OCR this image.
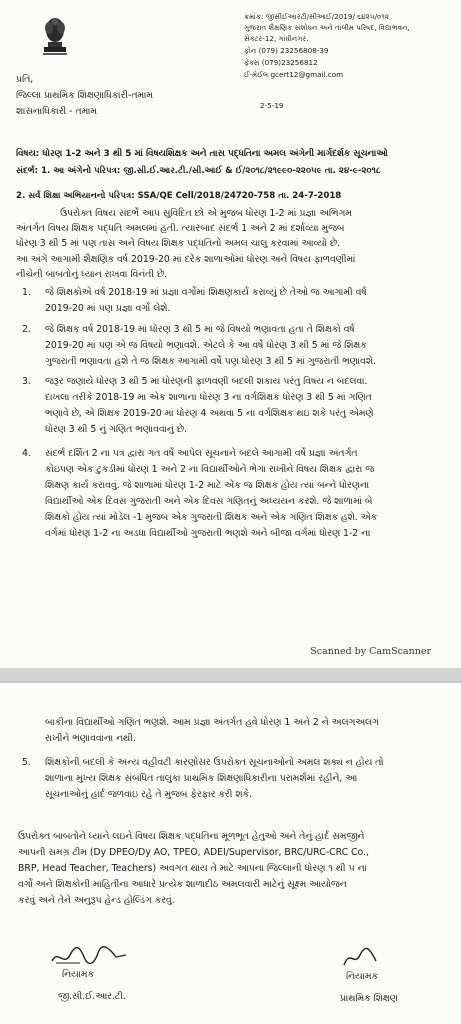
ક્રમાંક: જીસીઈઆરટી/સીઆઈ/2019/ ૬૪૨૫/૦૧૨
ગુજરાત શૈક્ષણિક સંશોધન અને તાલીમ પરિષદ, વિદ્યાભવન,
સેક્ટર-12, ગાંધીનગર.
ફોન (079) 23256808-39
ફેક્સ (079)23256812
ઈ-મેઈલ gcert12@gmail.com
પ્રતિ,
જિલ્લા પ્રાથમિક શિક્ષણાધિકારી-તમામ
શાસનાધિકારી - તમામ
2-5-19
વિષય: ધોરણ 1-2 અને 3 થી 5 માં વિષયશિક્ષક અને તાસ પદ્ધતિના અમલ અંગેની માર્ગદર્શક સૂચનાઓ
સંદર્ભ: 1. આ અંગેનો પરિપત્ર: જી.સી.ઈ.આર.ટી./સી.આઈ & ઈ/૨૦૧૮/૨૧૯૯૦-૨૨૦૫૯ તા. ૨૪-૯-૨૦૧૮
2. સર્વ શિક્ષા અભિયાનનો પરિપત્ર: SSA/QE Cell/2018/24720-758 તા. 24-7-2018
ઉપરોક્ત વિષય સંદર્ભે આપ સુવિદિત છો એ મુજબ ધોરણ 1-2 માં પ્રજ્ઞા અભિગમ
અંતર્ગત વિષય શિક્ષક પદ્ધતિ અમલમાં હતી. ત્યારબાદ સંદર્ભ 1 અને 2 માં દર્શાવ્યા મુજબ
ધોરણ 3 થી 5 માં પણ તાસ અને વિષય શિક્ષક પદ્ધતિનો અમલ ચાલુ કરવામાં આવ્યો છે.
આ અંગે આગામી શૈક્ષણિક વર્ષ 2019-20 માં દરેક શાળાઓમાં ધોરણ અને વિષય ફાળવણીમાં
નીચેની બાબતોનું ધ્યાન રાખવા વિનંતી છે.
1. જે શિક્ષકોએ વર્ષ 2018-19 માં પ્રજ્ઞા વર્ગોમાં શિક્ષણકાર્ય કરાવ્યું છે તેઓ જ આગામી વર્ષ
2019-20 માં પણ પ્રજ્ઞા વર્ગો લેશે.
2. જે શિક્ષક વર્ષ 2018-19 માં ધોરણ 3 થી 5 માં જે વિષયો ભણાવતા હતા તે શિક્ષકો વર્ષ
2019-20 માં પણ એ જ વિષયો ભણાવશે. એટલે કે આ વર્ષે ધોરણ 3 થી 5 માં જે શિક્ષક
ગુજરાતી ભણાવતા હશે તે જ શિક્ષક આગામી વર્ષે પણ ધોરણ 3 થી 5 માં ગુજરાતી ભણાવશે.
3. જરૂર જણાયે ધોરણ 3 થી 5 માં ધોરણની ફાળવણી બદલી શકાય પરંતુ વિષય ન બદલવા.
દાખલા તરીકે 2018-19 મા એક શાળાના ધોરણ 3 ના વર્ગશિક્ષક ધોરણ 3 થી 5 માં ગણિત
ભણાવે છે, એ શિક્ષક 2019-20 માં ધોરણ 4 અથવા 5 ના વર્ગશિક્ષક થઇ શકે પરંતુ એમણે
ધોરણ 3 થી 5 નું ગણિત ભણાવવાનું છે.
4. સંદર્ભ દર્શિત 2 ના પત્ર દ્વારા ગત વર્ષે આપેલ સૂચનાને બદલે આગામી વર્ષે પ્રજ્ઞા અંતર્ગત
કોઇપણ એક ટુકડીમાં ધોરણ 1 અને 2 ના વિદ્યાર્થીઓને ભેગા રાખીને વિષય શિક્ષક દ્વારા જ
શિક્ષણ કાર્ય કરાવવું. જે શાળામાં ધોરણ 1-2 માટે એક જ શિક્ષક હોય ત્યાં બન્ને ધોરણના
વિદ્યાર્થીઓ એક દિવસ ગુજરાતી અને એક દિવસ ગણિતનું અધ્યયન કરશે. જે શાળામાં બે
શિક્ષકો હોય ત્યાં મોડેલ -1 મુજબ એક ગુજરાતી શિક્ષક અને એક ગણિત શિક્ષક હશે. એક
વર્ગમાં ધોરણ 1-2 ના અડધા વિદ્યાર્થીઓ ગુજરાતી ભણશે અને બીજા વર્ગમાં ધોરણ 1-2 ના
Scanned by CamScanner
બાકીના વિદ્યાર્થીઓ ગણિત ભણશે. આમ પ્રજ્ઞા અંતર્ગત હવે ધોરણ 1 અને 2 ને અલગઅલગ
રાખીને ભણાવવાના નથી.
5. શિક્ષકોની બદલી કે અન્ય વહીવટી કારણોસર ઉપરોક્ત સૂચનાઓનો અમલ શક્ય ન હોય તો
શાળાના મુખ્ય શિક્ષક સંબંધિત તાલુકા પ્રાથમિક શિક્ષણાધિકારીના પરામર્શમાં રહીને, આ
સૂચનાઓનું હાર્દ જળવાઇ રહે તે મુજબ ફેરફાર કરી શકે.
ઉપરોક્ત બાબતોને ધ્યાને લઇને વિષય શિક્ષક પદ્ધતિના મૂળભૂત હેતુઓ અને તેનું હાર્દ સમજીને
આપની સમગ્ર ટીમ (Dy DPEO/Dy AO, TPEO, ADEI/Supervisor, BRC/URC-CRC Co.,
BRP, Head Teacher, Teachers) અવગત થાય તે માટે આપના જિલ્લાની ધોરણ ૧ થી ૫ ના
વર્ગો અને શિક્ષકોની માહિતીના આધારે પ્રત્યેક શાળાદીઠ અમલવારી માટેનું સૂક્ષ્મ આયોજન
કરવું અને તેને અનુરૂપ હેન્ડ હોલ્ડિંગ કરવું.
નિયામક
જી.સી.ઈ.આર.ટી.
નિયામક
પ્રાથમિક શિક્ષણ
